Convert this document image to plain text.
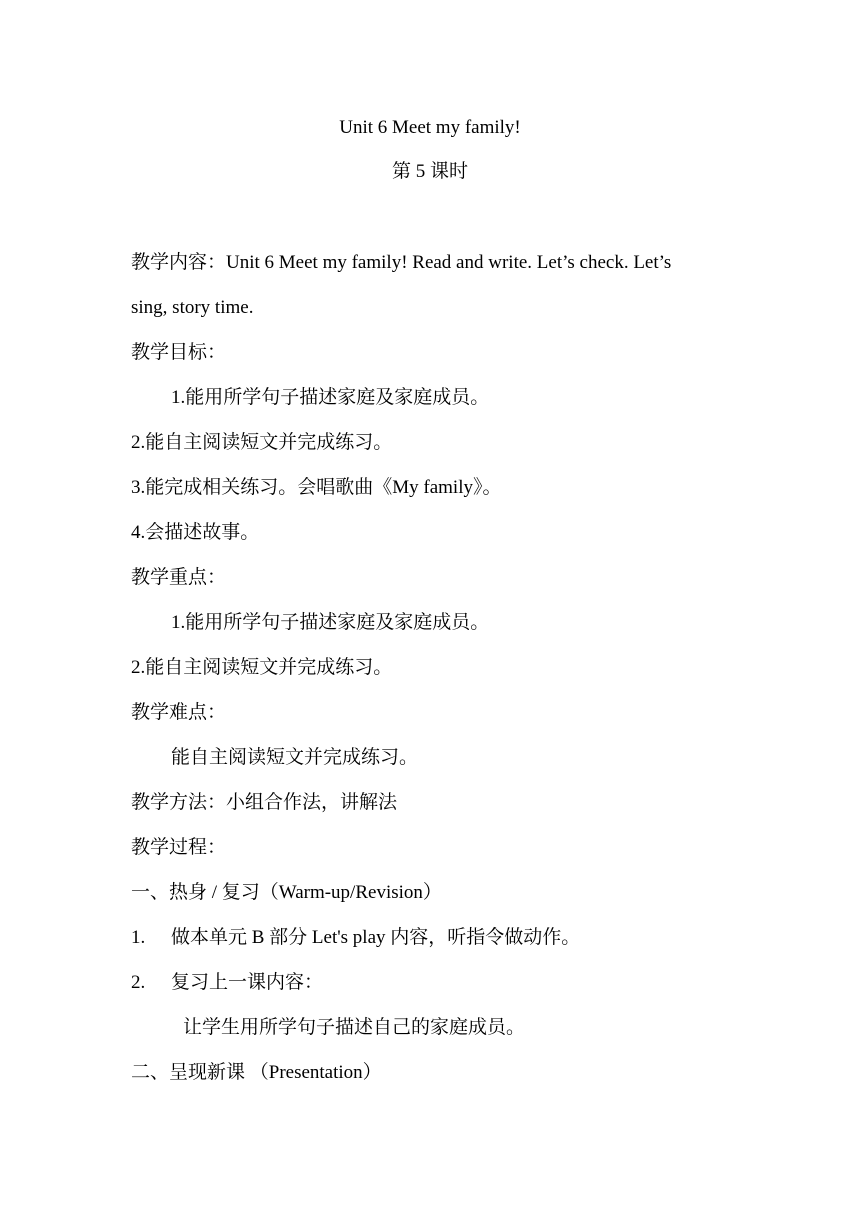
Unit 6 Meet my family!
第 5 课时
教学内容：Unit 6 Meet my family! Read and write. Let’s check. Let’s
sing, story time.
教学目标：
1.能用所学句子描述家庭及家庭成员。
2.能自主阅读短文并完成练习。
3.能完成相关练习。会唱歌曲《My family》。
4.会描述故事。
教学重点：
1.能用所学句子描述家庭及家庭成员。
2.能自主阅读短文并完成练习。
教学难点：
能自主阅读短文并完成练习。
教学方法：小组合作法，讲解法
教学过程：
一、热身 / 复习（Warm-up/Revision）
1. 做本单元 B 部分 Let's play 内容，听指令做动作。
2. 复习上一课内容：
让学生用所学句子描述自己的家庭成员。
二、呈现新课 （Presentation）
